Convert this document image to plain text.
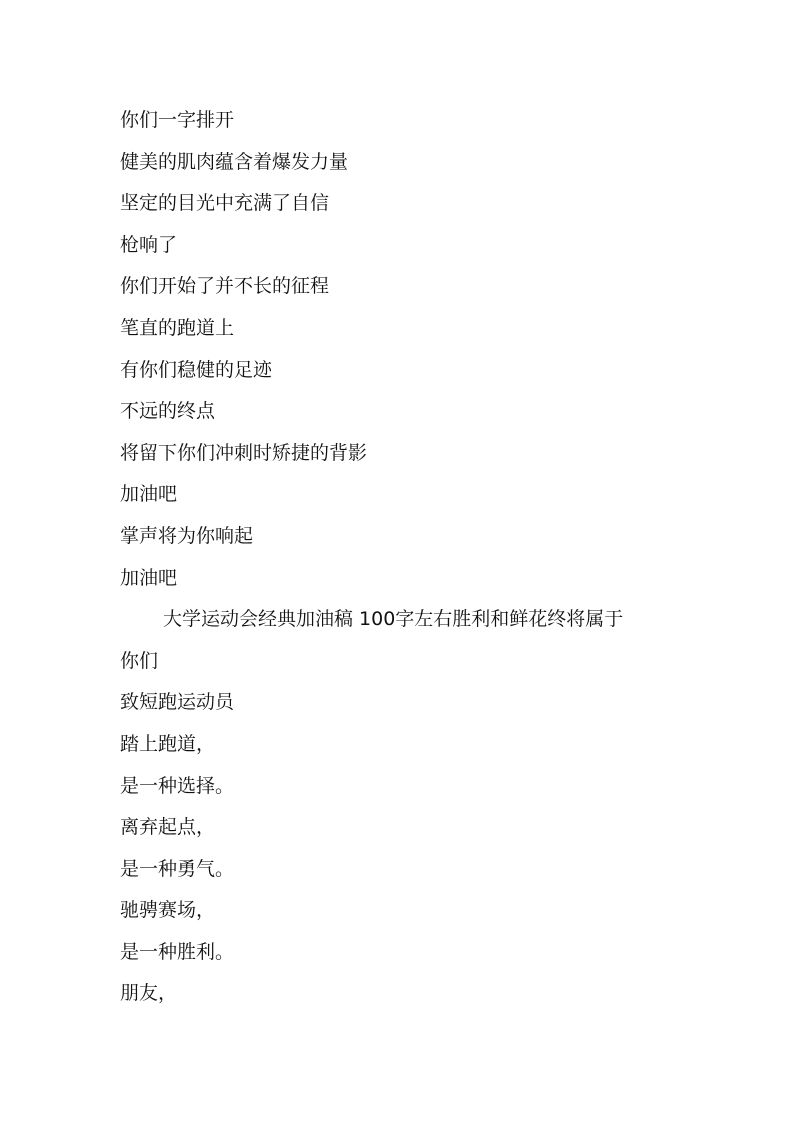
你们一字排开
健美的肌肉蕴含着爆发力量
坚定的目光中充满了自信
枪响了
你们开始了并不长的征程
笔直的跑道上
有你们稳健的足迹
不远的终点
将留下你们冲刺时矫捷的背影
加油吧
掌声将为你响起
加油吧
大学运动会经典加油稿 100字左右胜利和鲜花终将属于
你们
致短跑运动员
踏上跑道，
是一种选择。
离弃起点，
是一种勇气。
驰骋赛场，
是一种胜利。
朋友，
